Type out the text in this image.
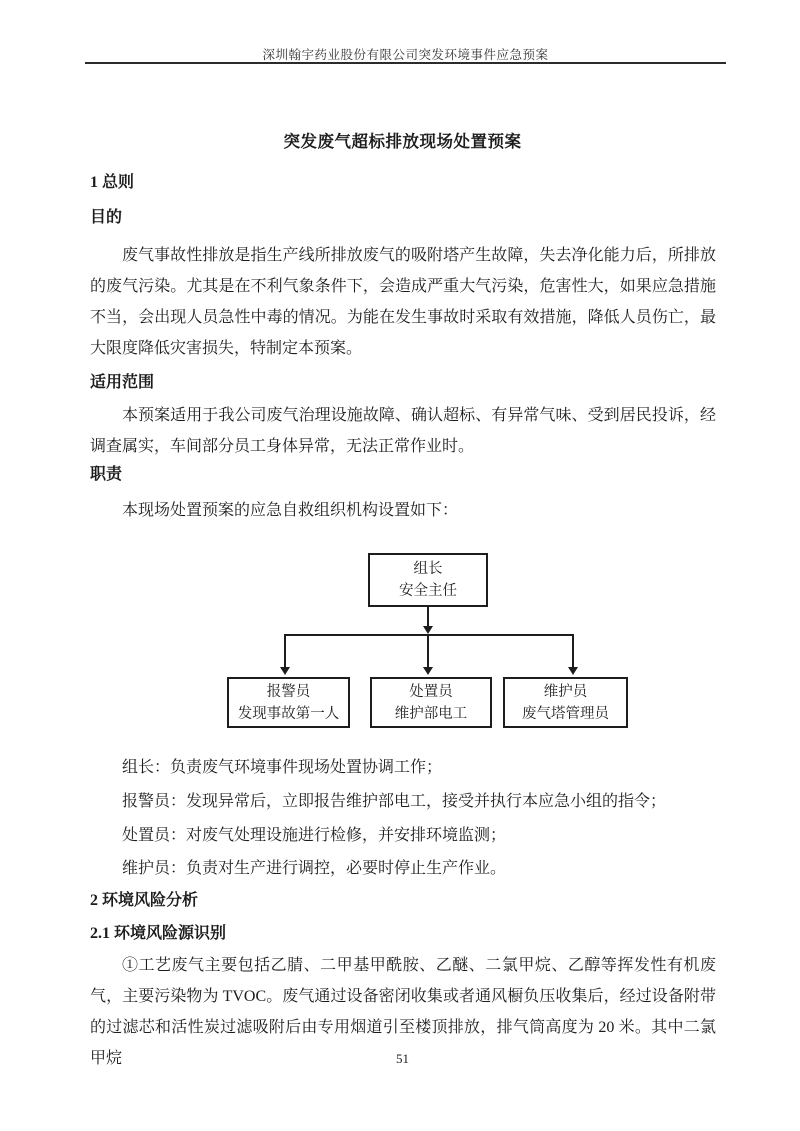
深圳翰宇药业股份有限公司突发环境事件应急预案
突发废气超标排放现场处置预案
1 总则
目的
废气事故性排放是指生产线所排放废气的吸附塔产生故障，失去净化能力后，所排放的废气污染。尤其是在不利气象条件下，会造成严重大气污染，危害性大，如果应急措施不当，会出现人员急性中毒的情况。为能在发生事故时采取有效措施，降低人员伤亡，最大限度降低灾害损失，特制定本预案。
适用范围
本预案适用于我公司废气治理设施故障、确认超标、有异常气味、受到居民投诉，经调查属实，车间部分员工身体异常，无法正常作业时。
职责
本现场处置预案的应急自救组织机构设置如下：
组长
安全主任
报警员
发现事故第一人
处置员
维护部电工
维护员
废气塔管理员
组长：负责废气环境事件现场处置协调工作；
报警员：发现异常后，立即报告维护部电工，接受并执行本应急小组的指令；
处置员：对废气处理设施进行检修，并安排环境监测；
维护员：负责对生产进行调控，必要时停止生产作业。
2 环境风险分析
2.1 环境风险源识别
①工艺废气主要包括乙腈、二甲基甲酰胺、乙醚、二氯甲烷、乙醇等挥发性有机废气，主要污染物为 TVOC。废气通过设备密闭收集或者通风橱负压收集后，经过设备附带的过滤芯和活性炭过滤吸附后由专用烟道引至楼顶排放，排气筒高度为 20 米。其中二氯甲烷	51
